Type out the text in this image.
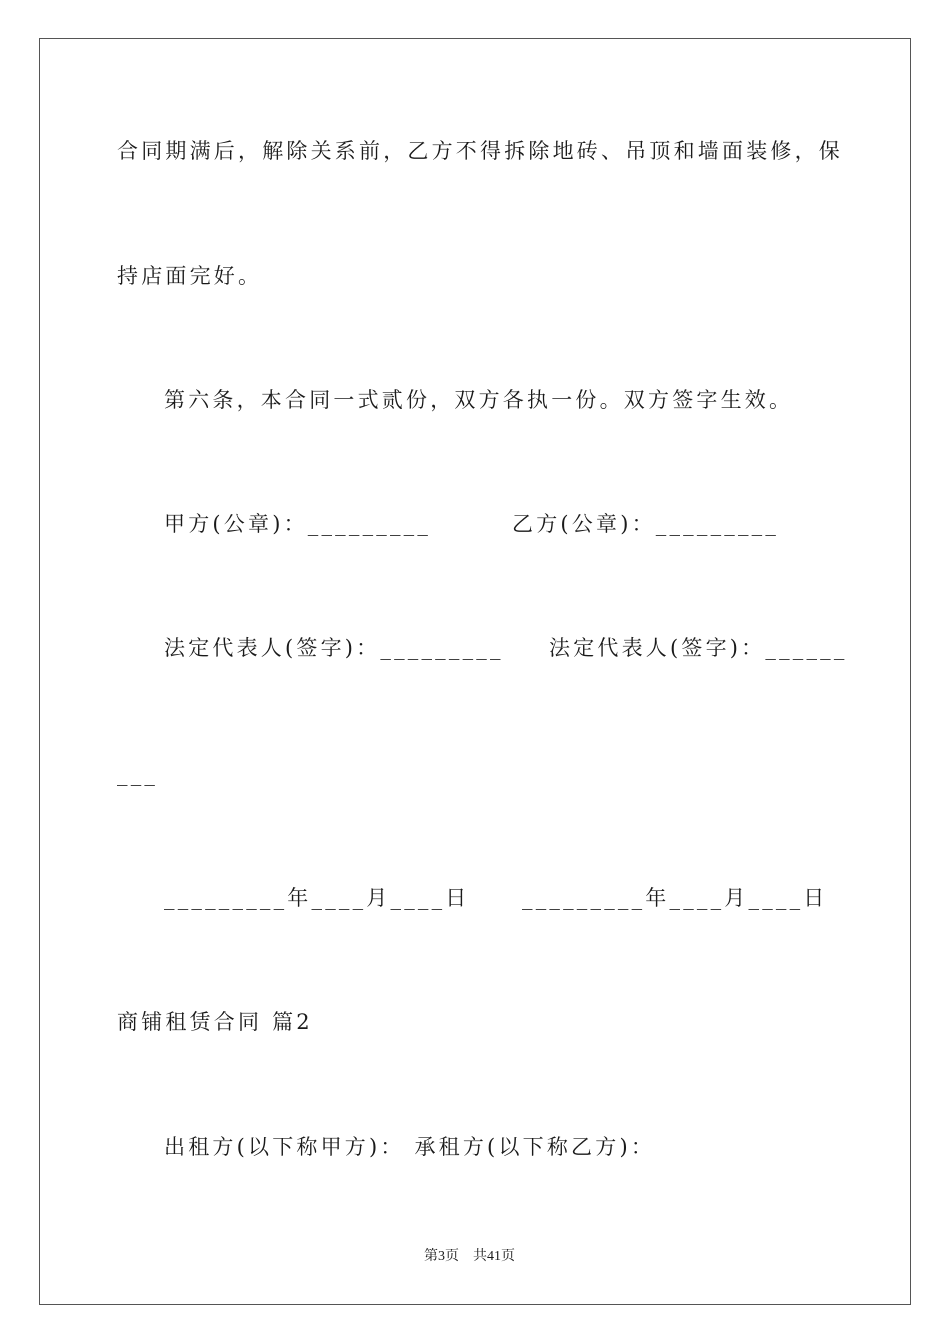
合同期满后，解除关系前，乙方不得拆除地砖、吊顶和墙面装修，保
持店面完好。
第六条，本合同一式贰份，双方各执一份。双方签字生效。
甲方(公章)：_________	乙方(公章)：_________
法定代表人(签字)：_________ 法定代表人(签字)：______
___
_________年____月____日	_________年____月____日
商铺租赁合同 篇2
出租方(以下称甲方)： 承租方(以下称乙方)：
第3页　共41页
